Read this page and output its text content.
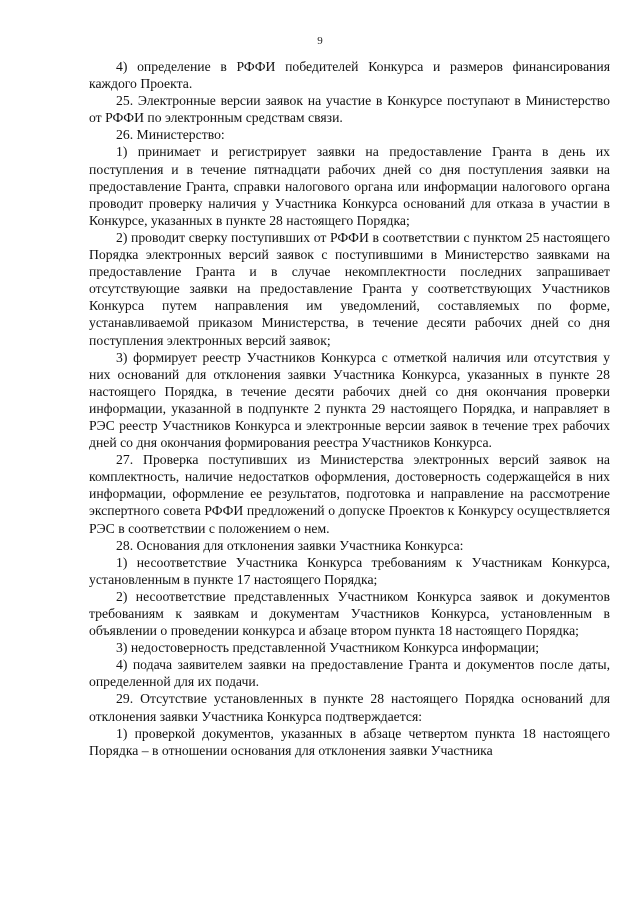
9

4) определение в РФФИ победителей Конкурса и размеров финансирования каждого Проекта.

25. Электронные версии заявок на участие в Конкурсе поступают в Министерство от РФФИ по электронным средствам связи.

26. Министерство:

1) принимает и регистрирует заявки на предоставление Гранта в день их поступления и в течение пятнадцати рабочих дней со дня поступления заявки на предоставление Гранта, справки налогового органа или информации налогового органа проводит проверку наличия у Участника Конкурса оснований для отказа в участии в Конкурсе, указанных в пункте 28 настоящего Порядка;

2) проводит сверку поступивших от РФФИ в соответствии с пунктом 25 настоящего Порядка электронных версий заявок с поступившими в Министерство заявками на предоставление Гранта и в случае некомплектности последних запрашивает отсутствующие заявки на предоставление Гранта у соответствующих Участников Конкурса путем направления им уведомлений, составляемых по форме, устанавливаемой приказом Министерства, в течение десяти рабочих дней со дня поступления электронных версий заявок;

3) формирует реестр Участников Конкурса с отметкой наличия или отсутствия у них оснований для отклонения заявки Участника Конкурса, указанных в пункте 28 настоящего Порядка, в течение десяти рабочих дней со дня окончания проверки информации, указанной в подпункте 2 пункта 29 настоящего Порядка, и направляет в РЭС реестр Участников Конкурса и электронные версии заявок в течение трех рабочих дней со дня окончания формирования реестра Участников Конкурса.

27. Проверка поступивших из Министерства электронных версий заявок на комплектность, наличие недостатков оформления, достоверность содержащейся в них информации, оформление ее результатов, подготовка и направление на рассмотрение экспертного совета РФФИ предложений о допуске Проектов к Конкурсу осуществляется РЭС в соответствии с положением о нем.

28. Основания для отклонения заявки Участника Конкурса:

1) несоответствие Участника Конкурса требованиям к Участникам Конкурса, установленным в пункте 17 настоящего Порядка;

2) несоответствие представленных Участником Конкурса заявок и документов требованиям к заявкам и документам Участников Конкурса, установленным в объявлении о проведении конкурса и абзаце втором пункта 18 настоящего Порядка;

3) недостоверность представленной Участником Конкурса информации;

4) подача заявителем заявки на предоставление Гранта и документов после даты, определенной для их подачи.

29. Отсутствие установленных в пункте 28 настоящего Порядка оснований для отклонения заявки Участника Конкурса подтверждается:

1) проверкой документов, указанных в абзаце четвертом пункта 18 настоящего Порядка – в отношении основания для отклонения заявки Участника
